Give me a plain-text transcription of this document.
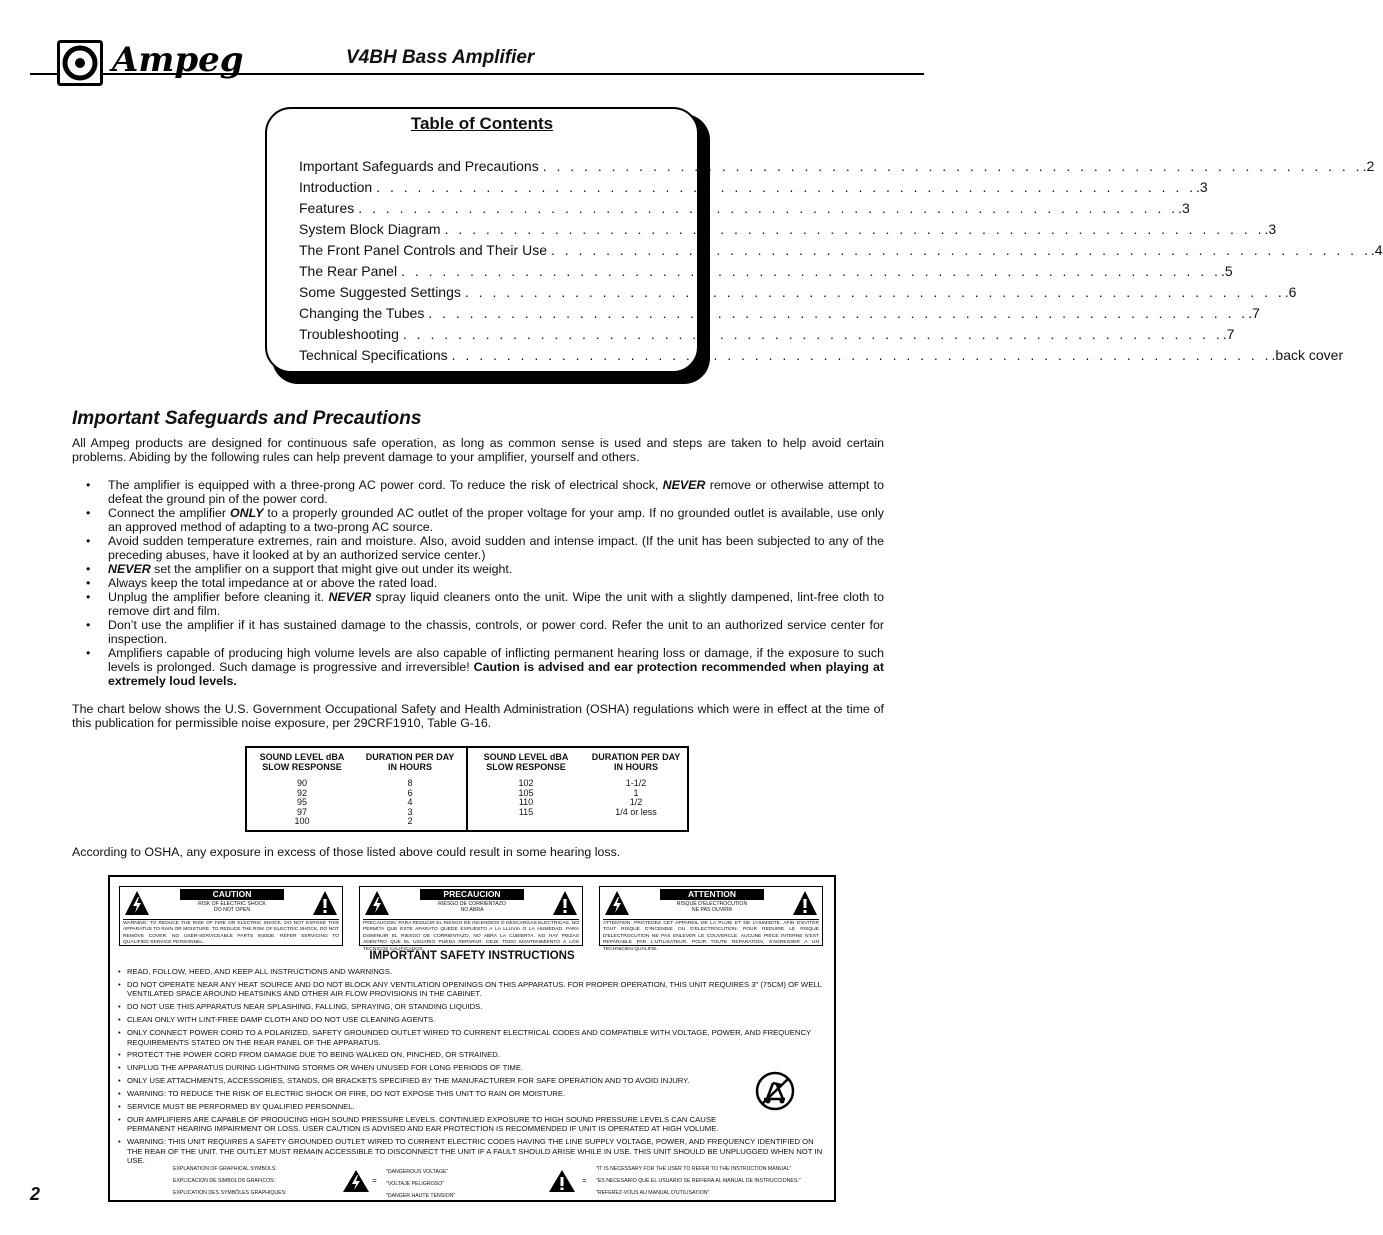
Ampeg	V4BH Bass Amplifier
Table of Contents
Important Safeguards and Precautions . . . . . . . . . . . . . . . . . . . . . . . . . . . . . . . . . . . . . . . . . . . . . . . . . . . . . . . . . . . . .2
Introduction . . . . . . . . . . . . . . . . . . . . . . . . . . . . . . . . . . . . . . . . . . . . . . . . . . . . . . . . . . . . .3
Features . . . . . . . . . . . . . . . . . . . . . . . . . . . . . . . . . . . . . . . . . . . . . . . . . . . . . . . . . . . . .3
System Block Diagram . . . . . . . . . . . . . . . . . . . . . . . . . . . . . . . . . . . . . . . . . . . . . . . . . . . . . . . . . . . . .3
The Front Panel Controls and Their Use . . . . . . . . . . . . . . . . . . . . . . . . . . . . . . . . . . . . . . . . . . . . . . . . . . . . . . . . . . . . .4
The Rear Panel . . . . . . . . . . . . . . . . . . . . . . . . . . . . . . . . . . . . . . . . . . . . . . . . . . . . . . . . . . . . .5
Some Suggested Settings . . . . . . . . . . . . . . . . . . . . . . . . . . . . . . . . . . . . . . . . . . . . . . . . . . . . . . . . . . . . .6
Changing the Tubes . . . . . . . . . . . . . . . . . . . . . . . . . . . . . . . . . . . . . . . . . . . . . . . . . . . . . . . . . . . . .7
Troubleshooting . . . . . . . . . . . . . . . . . . . . . . . . . . . . . . . . . . . . . . . . . . . . . . . . . . . . . . . . . . . . .7
Technical Specifications . . . . . . . . . . . . . . . . . . . . . . . . . . . . . . . . . . . . . . . . . . . . . . . . . . . . . . . . . . . . .back cover
Important Safeguards and Precautions
All Ampeg products are designed for continuous safe operation, as long as common sense is used and steps are taken to help avoid certain problems. Abiding by the following rules can help prevent damage to your amplifier, yourself and others.
• The amplifier is equipped with a three-prong AC power cord. To reduce the risk of electrical shock, NEVER remove or otherwise attempt to defeat the ground pin of the power cord.
• Connect the amplifier ONLY to a properly grounded AC outlet of the proper voltage for your amp. If no grounded outlet is available, use only an approved method of adapting to a two-prong AC source.
• Avoid sudden temperature extremes, rain and moisture. Also, avoid sudden and intense impact. (If the unit has been subjected to any of the preceding abuses, have it looked at by an authorized service center.)
• NEVER set the amplifier on a support that might give out under its weight.
• Always keep the total impedance at or above the rated load.
• Unplug the amplifier before cleaning it. NEVER spray liquid cleaners onto the unit. Wipe the unit with a slightly dampened, lint-free cloth to remove dirt and film.
• Don’t use the amplifier if it has sustained damage to the chassis, controls, or power cord. Refer the unit to an authorized service center for inspection.
• Amplifiers capable of producing high volume levels are also capable of inflicting permanent hearing loss or damage, if the exposure to such levels is prolonged. Such damage is progressive and irreversible! Caution is advised and ear protection recommended when playing at extremely loud levels.
The chart below shows the U.S. Government Occupational Safety and Health Administration (OSHA) regulations which were in effect at the time of this publication for permissible noise exposure, per 29CRF1910, Table G-16.
SOUND LEVEL dBA
SLOW RESPONSE
90
92
95
97
100
DURATION PER DAY
IN HOURS
8
6
4
3
2
SOUND LEVEL dBA
SLOW RESPONSE
102
105
110
115
DURATION PER DAY
IN HOURS
1-1/2
1
1/2
1/4 or less
According to OSHA, any exposure in excess of those listed above could result in some hearing loss.
CAUTION
RISK OF ELECTRIC SHOCK
DO NOT OPEN
WARNING: TO REDUCE THE RISK OF FIRE OR ELECTRIC SHOCK, DO NOT EXPOSE THIS APPARATUS TO RAIN OR MOISTURE. TO REDUCE THE RISK OF ELECTRIC SHOCK, DO NOT REMOVE COVER. NO USER-SERVICEABLE PARTS INSIDE. REFER SERVICING TO QUALIFIED SERVICE PERSONNEL.
PRECAUCION
RIESGO DE CORRIENTAZO
NO ABRA
PRECAUCION: PARA REDUCIR EL RIESGO DE INCENDIOS O DESCARGAS ELECTRICAS, NO PERMITA QUE ESTE APARATO QUEDE EXPUESTO A LA LLUVIA O LA HUMEDAD. PARA DISMINUIR EL RIESGO DE CORRIENTAZO, NO ABRA LA CUBIERTA. NO HAY PIEZAS ADENTRO QUE EL USUARIO PUEDA REPARAR. DEJE TODO MANTENIMIENTO A LOS TECNICOS CALIFICADOS.
ATTENTION
RISQUE D'ELECTROCUTION
NE PAS OUVRIR
ATTENTION: PROTEGEZ CET APPAREIL DE LA PLUIE ET DE L'HUMIDITE. AFIN D'EVITER TOUT RISQUE D'INCENDIE OU D'ELECTROCUTION. POUR REDUIRE LE RISQUE D'ELECTROCUTION NE PAS ENLEVER LE COUVERCLE. AUCUNE PIECE INTERNE N'EST REPARABLE PAR L'UTILISATEUR. POUR TOUTE REPARATION, S'ADRESSER A UN TECHNICIEN QUALIFIE.
IMPORTANT SAFETY INSTRUCTIONS
• READ, FOLLOW, HEED, AND KEEP ALL INSTRUCTIONS AND WARNINGS.
• DO NOT OPERATE NEAR ANY HEAT SOURCE AND DO NOT BLOCK ANY VENTILATION OPENINGS ON THIS APPARATUS. FOR PROPER OPERATION, THIS UNIT REQUIRES 3" (75CM) OF WELL VENTILATED SPACE AROUND HEATSINKS AND OTHER AIR FLOW PROVISIONS IN THE CABINET.
• DO NOT USE THIS APPARATUS NEAR SPLASHING, FALLING, SPRAYING, OR STANDING LIQUIDS.
• CLEAN ONLY WITH LINT-FREE DAMP CLOTH AND DO NOT USE CLEANING AGENTS.
• ONLY CONNECT POWER CORD TO A POLARIZED, SAFETY GROUNDED OUTLET WIRED TO CURRENT ELECTRICAL CODES AND COMPATIBLE WITH VOLTAGE, POWER, AND FREQUENCY REQUIREMENTS STATED ON THE REAR PANEL OF THE APPARATUS.
• PROTECT THE POWER CORD FROM DAMAGE DUE TO BEING WALKED ON, PINCHED, OR STRAINED.
• UNPLUG THE APPARATUS DURING LIGHTNING STORMS OR WHEN UNUSED FOR LONG PERIODS OF TIME.
• ONLY USE ATTACHMENTS, ACCESSORIES, STANDS, OR BRACKETS SPECIFIED BY THE MANUFACTURER FOR SAFE OPERATION AND TO AVOID INJURY.
• WARNING: TO REDUCE THE RISK OF ELECTRIC SHOCK OR FIRE, DO NOT EXPOSE THIS UNIT TO RAIN OR MOISTURE.
• SERVICE MUST BE PERFORMED BY QUALIFIED PERSONNEL.
• OUR AMPLIFIERS ARE CAPABLE OF PRODUCING HIGH SOUND PRESSURE LEVELS. CONTINUED EXPOSURE TO HIGH SOUND PRESSURE LEVELS CAN CAUSE PERMANENT HEARING IMPAIRMENT OR LOSS. USER CAUTION IS ADVISED AND EAR PROTECTION IS RECOMMENDED IF UNIT IS OPERATED AT HIGH VOLUME.
• WARNING: THIS UNIT REQUIRES A SAFETY GROUNDED OUTLET WIRED TO CURRENT ELECTRIC CODES HAVING THE LINE SUPPLY VOLTAGE, POWER, AND FREQUENCY IDENTIFIED ON THE REAR OF THE UNIT. THE OUTLET MUST REMAIN ACCESSIBLE TO DISCONNECT THE UNIT IF A FAULT SHOULD ARISE WHILE IN USE. THIS UNIT SHOULD BE UNPLUGGED WHEN NOT IN USE.
EXPLANATION OF GRAPHICAL SYMBOLS:
EXPLICACION DE SIMBOLOS GRAFICOS:
EXPLICATION DES SYMBÔLES GRAPHIQUES:
=
"DANGEROUS VOLTAGE"
"VOLTAJE PELIGROSO"
"DANGER HAUTE TENSION"
=
"IT IS NECESSARY FOR THE USER TO REFER TO THE INSTRUCTION MANUAL"
"ES NECESARIO QUE EL USUARIO SE REFIERA AL MANUAL DE INSTRUCCIONES."
"REFEREZ-VOUS AU MANUAL D'UTILISATION"
2
